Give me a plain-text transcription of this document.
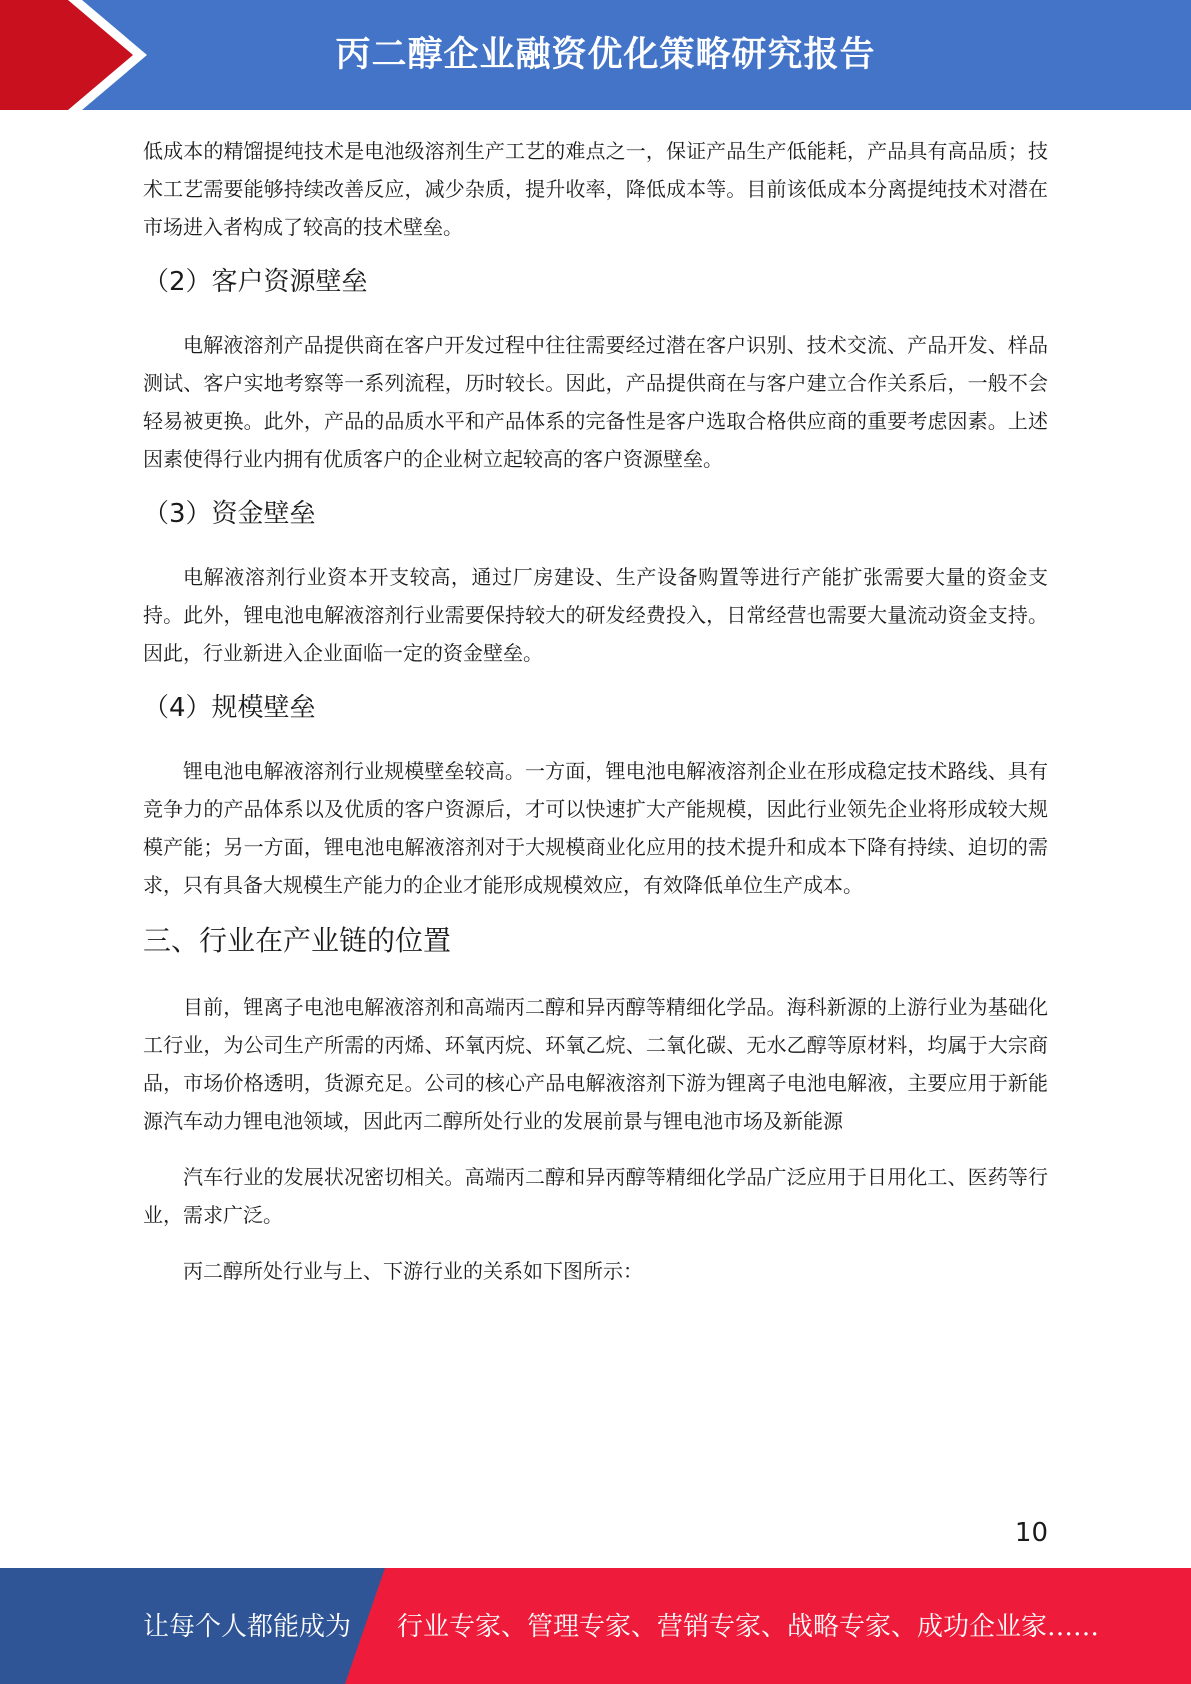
丙二醇企业融资优化策略研究报告

低成本的精馏提纯技术是电池级溶剂生产工艺的难点之一，保证产品生产低能耗，产品具有高品质；技术工艺需要能够持续改善反应，减少杂质，提升收率，降低成本等。目前该低成本分离提纯技术对潜在市场进入者构成了较高的技术壁垒。

（2）客户资源壁垒

电解液溶剂产品提供商在客户开发过程中往往需要经过潜在客户识别、技术交流、产品开发、样品测试、客户实地考察等一系列流程，历时较长。因此，产品提供商在与客户建立合作关系后，一般不会轻易被更换。此外，产品的品质水平和产品体系的完备性是客户选取合格供应商的重要考虑因素。上述因素使得行业内拥有优质客户的企业树立起较高的客户资源壁垒。

（3）资金壁垒

电解液溶剂行业资本开支较高，通过厂房建设、生产设备购置等进行产能扩张需要大量的资金支持。此外，锂电池电解液溶剂行业需要保持较大的研发经费投入，日常经营也需要大量流动资金支持。因此，行业新进入企业面临一定的资金壁垒。

（4）规模壁垒

锂电池电解液溶剂行业规模壁垒较高。一方面，锂电池电解液溶剂企业在形成稳定技术路线、具有竞争力的产品体系以及优质的客户资源后，才可以快速扩大产能规模，因此行业领先企业将形成较大规模产能；另一方面，锂电池电解液溶剂对于大规模商业化应用的技术提升和成本下降有持续、迫切的需求，只有具备大规模生产能力的企业才能形成规模效应，有效降低单位生产成本。

三、行业在产业链的位置

目前，锂离子电池电解液溶剂和高端丙二醇和异丙醇等精细化学品。海科新源的上游行业为基础化工行业，为公司生产所需的丙烯、环氧丙烷、环氧乙烷、二氧化碳、无水乙醇等原材料，均属于大宗商品，市场价格透明，货源充足。公司的核心产品电解液溶剂下游为锂离子电池电解液，主要应用于新能源汽车动力锂电池领域，因此丙二醇所处行业的发展前景与锂电池市场及新能源

汽车行业的发展状况密切相关。高端丙二醇和异丙醇等精细化学品广泛应用于日用化工、医药等行业，需求广泛。

丙二醇所处行业与上、下游行业的关系如下图所示：

10
让每个人都能成为 行业专家、管理专家、营销专家、战略专家、成功企业家……
